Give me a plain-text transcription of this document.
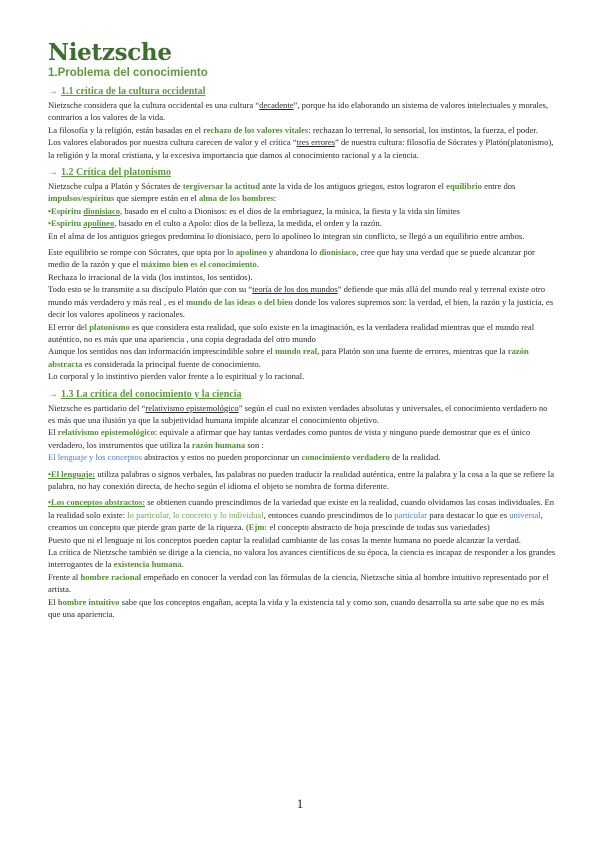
Nietzsche
1.Problema del conocimiento
→ 1.1 crítica de la cultura occidental

Nietzsche considera que la cultura occidental es una cultura “decadente”, porque ha ido elaborando un sistema de valores intelectuales y morales, contrarios a los valores de la vida.

La filosofía y la religión, están basadas en el rechazo de los valores vitales: rechazan lo terrenal, lo sensorial, los instintos, la fuerza, el poder.

Los valores elaborados por nuestra cultura carecen de valor y el crítica “tres errores” de nuestra cultura: filosofía de Sócrates y Platón(platonismo), la religión y la moral cristiana, y la excesiva importancia que damos al conocimiento racional y a la ciencia.

→ 1.2 Crítica del platonismo

Nietzsche culpa a Platón y Sócrates de tergiversar la actitud ante la vida de los antiguos griegos, estos lograron el equilibrio entre dos impulsos/espíritus que siempre están en el alma de los hombres:

•Espíritu dionisiaco, basado en el culto a Dionisos: es el dios de la embriaguez, la música, la fiesta y la vida sin límites

•Espíritu apolíneo, basado en el culto a Apolo: dios de la belleza, la medida, el orden y la razón.

En el alma de los antiguos griegos predomina lo dionisiaco, pero lo apolíneo lo integran sin conflicto, se llegó a un equilibrio entre ambos.

Este equilibrio se rompe con Sócrates, que opta por lo apolíneo y abandona lo dionisiaco, cree que hay una verdad que se puede alcanzar por medio de la razón y que el máximo bien es el conocimiento.

Rechaza lo irracional de la vida (los instintos, los sentidos).

Todo esto se lo transmite a su discípulo Platón que con su “teoría de los dos mundos” defiende que más allá del mundo real y terrenal existe otro mundo más verdadero y más real , es el mundo de las ideas o del bien donde los valores supremos son: la verdad, el bien, la razón y la justicia, es decir los valores apolíneos y racionales.

El error del platonismo es que considera esta realidad, que solo existe en la imaginación, es la verdadera realidad mientras que el mundo real auténtico, no es más que una apariencia , una copia degradada del otro mundo

Aunque los sentidos nos dan información imprescindible sobre el mundo real, para Platón son una fuente de errores, mientras que la razón abstracta es considerada la principal fuente de conocimiento.

Lo corporal y lo instintivo pierden valor frente a lo espiritual y lo racional.

→ 1.3 La crítica del conocimiento y la ciencia

Nietzsche es partidario del “relativismo epistemológico” según el cual no existen verdades absolutas y universales, el conocimiento verdadero no es más que una ilusión ya que la subjetividad humana impide alcanzar el conocimiento objetivo.

El relativismo epistemológico: equivale a afirmar que hay tantas verdades como puntos de vista y ninguno puede demostrar que es el único verdadero, los instrumentos que utiliza la razón humana son :

El lenguaje y los conceptos abstractos y estos no pueden proporcionar un conocimiento verdadero de la realidad.

•El lenguaje: utiliza palabras o signos verbales, las palabras no pueden traducir la realidad auténtica, entre la palabra y la cosa a la que se refiere la palabra, no hay conexión directa, de hecho según el idioma el objeto se nombra de forma diferente.

•Los conceptos abstractos: se obtienen cuando prescindimos de la variedad que existe en la realidad, cuando olvidamos las cosas individuales. En la realidad solo existe: lo particular, lo concreto y lo individual, entonces cuando prescindimos de lo particular para destacar lo que es universal, creamos un concepto que pierde gran parte de la riqueza. (Ejm: el concepto abstracto de hoja prescinde de todas sus variedades)

Puesto que ni el lenguaje ni los conceptos pueden captar la realidad cambiante de las cosas la mente humana no puede alcanzar la verdad.

La crítica de Nietzsche también se dirige a la ciencia, no valora los avances científicos de su época, la ciencia es incapaz de responder a los grandes interrogantes de la existencia humana.

Frente al hombre racional empeñado en conocer la verdad con las fórmulas de la ciencia, Nietzsche sitúa al hombre intuitivo representado por el artista.

El hombre intuitivo sabe que los conceptos engañan, acepta la vida y la existencia tal y como son, cuando desarrolla su arte sabe que no es más que una apariencia.

1
